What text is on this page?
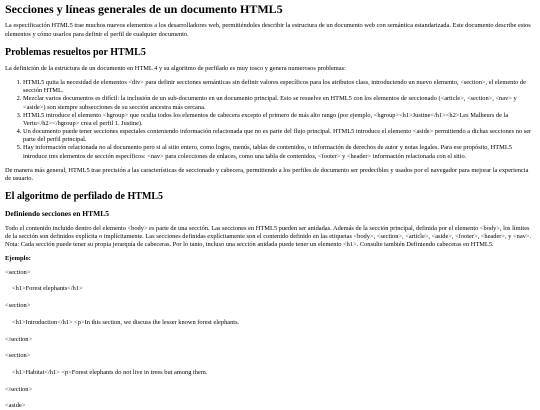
Secciones y líneas generales de un documento HTML5

La especificación HTML5 trae muchos nuevos elementos a los desarrolladores web, permitiéndoles describir la estructura de un documento web con semántica estandarizada. Este documento describe estos elementos y cómo usarlos para definir el perfil de cualquier documento.

Problemas resueltos por HTML5

La definición de la estructura de un documento en HTML 4 y su algoritmo de perfilado es muy tosco y genera numerosos problemas:

1. HTML5 quita la necesidad de elementos <div> para definir secciones semánticas sin definir valores específicos para los atributos class, introduciendo un nuevo elemento, <section>, el elemento de sección HTML.
2. Mezclar varios documentos es difícil: la inclusión de un sub-documento en un documento principal. Esto se resuelve en HTML5 con los elementos de seccionado (<article>, <section>, <nav> y <aside>) son siempre subsecciones de su sección ancestra más cercana.
3. HTML5 introduce el elemento <hgroup> que oculta todos los elementos de cabecera excepto el primero de más alto rango (por ejemplo, <hgroup><h1>Justine</h1><h2>Les Malheurs de la Vertu</h2></hgroup> crea el perfil 1. Justine).
4. Un documento puede tener secciones especiales conteniendo información relacionada que no es parte del flujo principal. HTML5 introduce el elemento <aside> permitiendo a dichas secciones no ser parte del perfil principal.
5. Hay información relacionada no al documento pero si al sitio entero, como logos, menús, tablas de contenidos, o información de derechos de autor y notas legales. Para ese propósito, HTML5 introduce tres elementos de sección específicos: <nav> para colecciones de enlaces, como una tabla de contenidos, <footer> y <header> información relacionada con el sitio.

De manera más general, HTML5 trae precisión a las características de seccionado y cabecera, permitiendo a los perfiles de documento ser predecibles y usados por el navegador para mejorar la experiencia de usuario.

El algoritmo de perfilado de HTML5
Definiendo secciones en HTML5

Todo el contenido incluido dentro del elemento <body> es parte de una sección. Las secciones en HTML5 pueden ser anidadas. Además de la sección principal, definida por el elemento <body>, los límites de la sección son definidos explícita o implícitamente. Las secciones definidas explícitamente son el contenido definido en las etiquetas <body>, <section>, <article>, <aside>, <footer>, <header>, y <nav>. Nota: Cada sección puede tener su propia jerarquía de cabeceras. Por lo tanto, incluso una sección anidada puede tener un elemento <h1>. Consulte también Definiendo cabeceras en HTML5.

Ejemplo:
<section>
<h1>Forest elephants</h1>
<section>
<h1>Introduction</h1> <p>In this section, we discuss the lesser known forest elephants.
</section>
<section>
<h1>Habitat</h1> <p>Forest elephants do not live in trees but among them.
</section>
<aside>
